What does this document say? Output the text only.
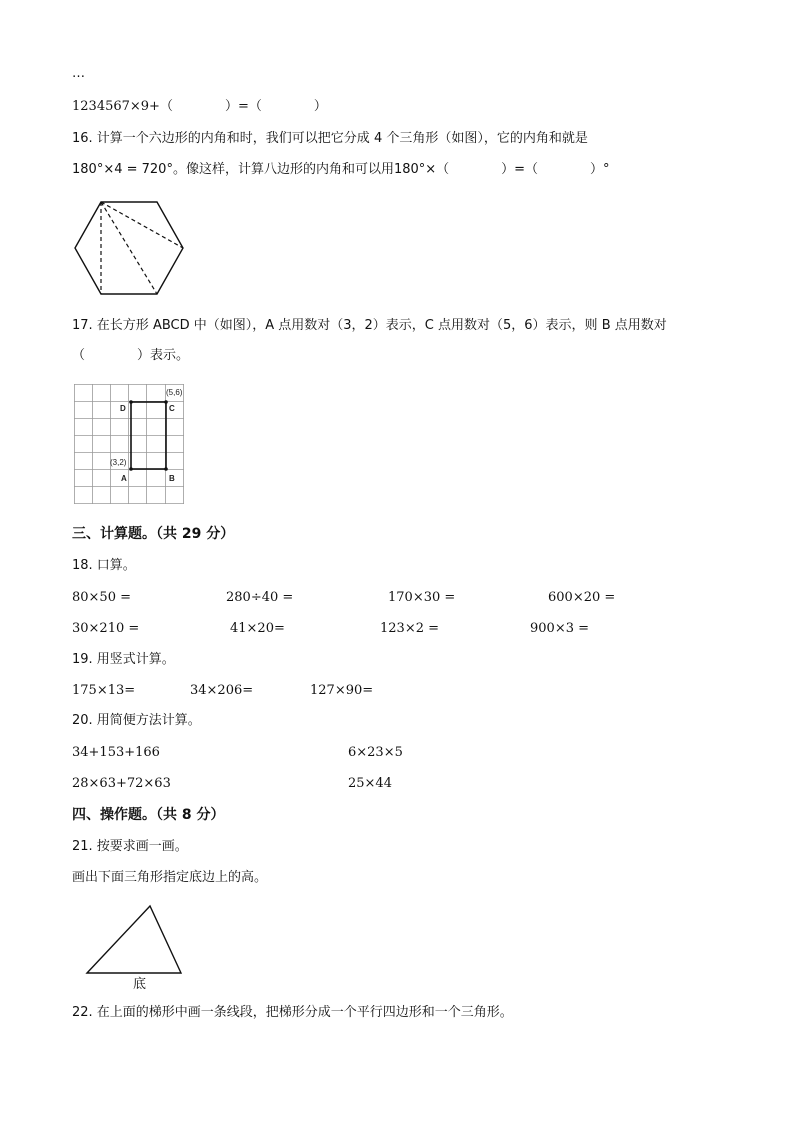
…
1234567×9+（　　　　）=（　　　　）
16. 计算一个六边形的内角和时，我们可以把它分成 4 个三角形（如图），它的内角和就是
180°×4 = 720°。像这样，计算八边形的内角和可以用180°×（　　　　）=（　　　　）°
17. 在长方形 ABCD 中（如图），A 点用数对（3，2）表示，C 点用数对（5，6）表示，则 B 点用数对
（　　　　）表示。
D	C
A	B
(5,6)
(3,2)
三、计算题。（共 29 分）
18. 口算。
80×50 =	280÷40 =	170×30 =	600×20 =
30×210 =	41×20=	123×2 =	900×3 =
19. 用竖式计算。
175×13=	34×206=	127×90=
20. 用简便方法计算。
34+153+166	6×23×5
28×63+72×63	25×44
四、操作题。（共 8 分）
21. 按要求画一画。
画出下面三角形指定底边上的高。
底
22. 在上面的梯形中画一条线段，把梯形分成一个平行四边形和一个三角形。
